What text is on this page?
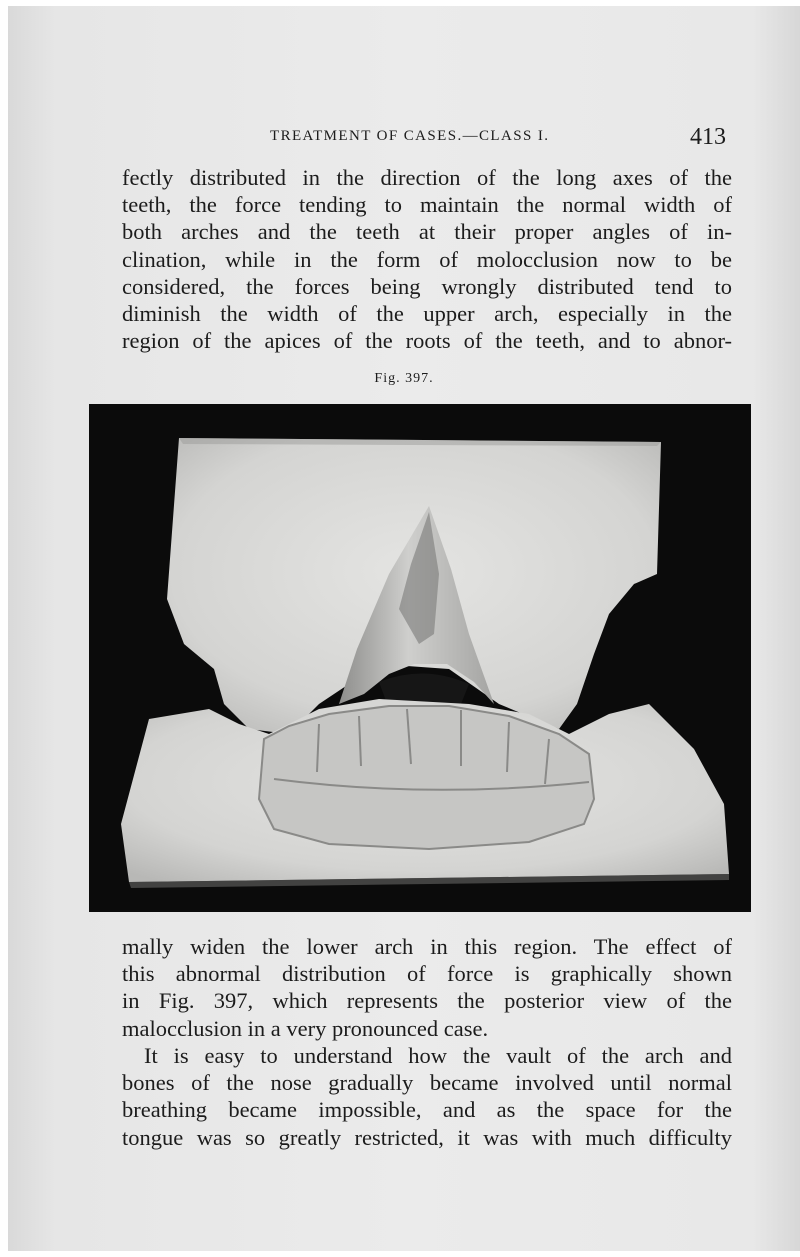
TREATMENT OF CASES.—CLASS I.	413
fectly distributed in the direction of the long axes of the
teeth, the force tending to maintain the normal width of
both arches and the teeth at their proper angles of in-
clination, while in the form of molocclusion now to be
considered, the forces being wrongly distributed tend to
diminish the width of the upper arch, especially in the
region of the apices of the roots of the teeth, and to abnor-
Fig. 397.
mally widen the lower arch in this region. The effect of
this abnormal distribution of force is graphically shown
in Fig. 397, which represents the posterior view of the
malocclusion in a very pronounced case.
It is easy to understand how the vault of the arch and
bones of the nose gradually became involved until normal
breathing became impossible, and as the space for the
tongue was so greatly restricted, it was with much difficulty
